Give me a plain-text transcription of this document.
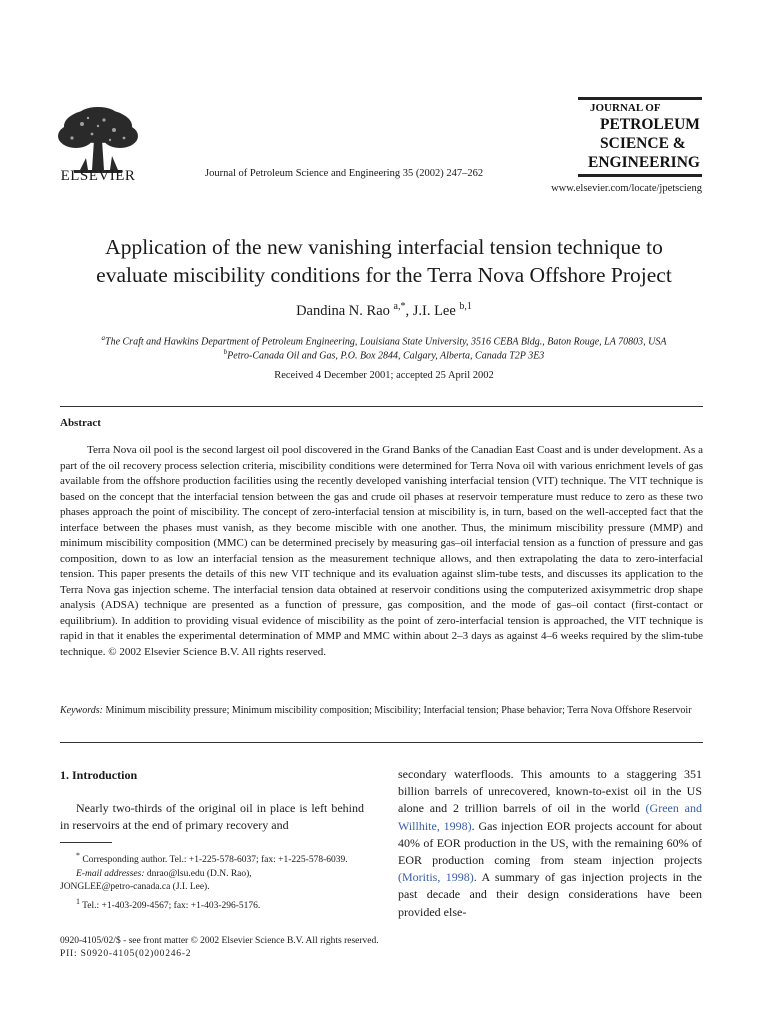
ELSEVIER	Journal of Petroleum Science and Engineering 35 (2002) 247–262
JOURNAL OF
PETROLEUM
SCIENCE &
ENGINEERING
www.elsevier.com/locate/jpetscieng
Application of the new vanishing interfacial tension technique to
evaluate miscibility conditions for the Terra Nova Offshore Project
Dandina N. Rao $^{a,*}$, J.I. Lee $^{b,1}$
$^a$The Craft and Hawkins Department of Petroleum Engineering, Louisiana State University, 3516 CEBA Bldg., Baton Rouge, LA 70803, USA
$^b$Petro-Canada Oil and Gas, P.O. Box 2844, Calgary, Alberta, Canada T2P 3E3
Received 4 December 2001; accepted 25 April 2002
Abstract

Terra Nova oil pool is the second largest oil pool discovered in the Grand Banks of the Canadian East Coast and is under development. As a part of the oil recovery process selection criteria, miscibility conditions were determined for Terra Nova oil with various enrichment levels of gas available from the offshore production facilities using the recently developed vanishing interfacial tension (VIT) technique. The VIT technique is based on the concept that the interfacial tension between the gas and crude oil phases at reservoir temperature must reduce to zero as these two phases approach the point of miscibility. The concept of zero-interfacial tension at miscibility is, in turn, based on the well-accepted fact that the interface between the phases must vanish, as they become miscible with one another. Thus, the minimum miscibility pressure (MMP) and minimum miscibility composition (MMC) can be determined precisely by measuring gas–oil interfacial tension as a function of pressure and gas composition, down to as low an interfacial tension as the measurement technique allows, and then extrapolating the data to zero-interfacial tension. This paper presents the details of this new VIT technique and its evaluation against slim-tube tests, and discusses its application to the Terra Nova gas injection scheme. The interfacial tension data obtained at reservoir conditions using the computerized axisymmetric drop shape analysis (ADSA) technique are presented as a function of pressure, gas composition, and the mode of gas–oil contact (first-contact or equilibrium). In addition to providing visual evidence of miscibility as the point of zero-interfacial tension is approached, the VIT technique is rapid in that it enables the experimental determination of MMP and MMC within about 2–3 days as against 4–6 weeks required by the slim-tube technique. © 2002 Elsevier Science B.V. All rights reserved.

Keywords: Minimum miscibility pressure; Minimum miscibility composition; Miscibility; Interfacial tension; Phase behavior; Terra Nova Offshore Reservoir

1. Introduction

Nearly two-thirds of the original oil in place is left behind in reservoirs at the end of primary recovery and

* Corresponding author. Tel.: +1-225-578-6037; fax: +1-225-578-6039.

E-mail addresses: dnrao@lsu.edu (D.N. Rao),

JONGLEE@petro-canada.ca (J.I. Lee).

$^1$ Tel.: +1-403-209-4567; fax: +1-403-296-5176.

secondary waterfloods. This amounts to a staggering 351 billion barrels of unrecovered, known-to-exist oil in the US alone and 2 trillion barrels of oil in the world (Green and Willhite, 1998). Gas injection EOR projects account for about 40% of EOR production in the US, with the remaining 60% of EOR production coming from steam injection projects (Moritis, 1998). A summary of gas injection projects in the past decade and their design considerations have been provided else-

0920-4105/02/$ - see front matter © 2002 Elsevier Science B.V. All rights reserved.

PII: S0920-4105(02)00246-2
